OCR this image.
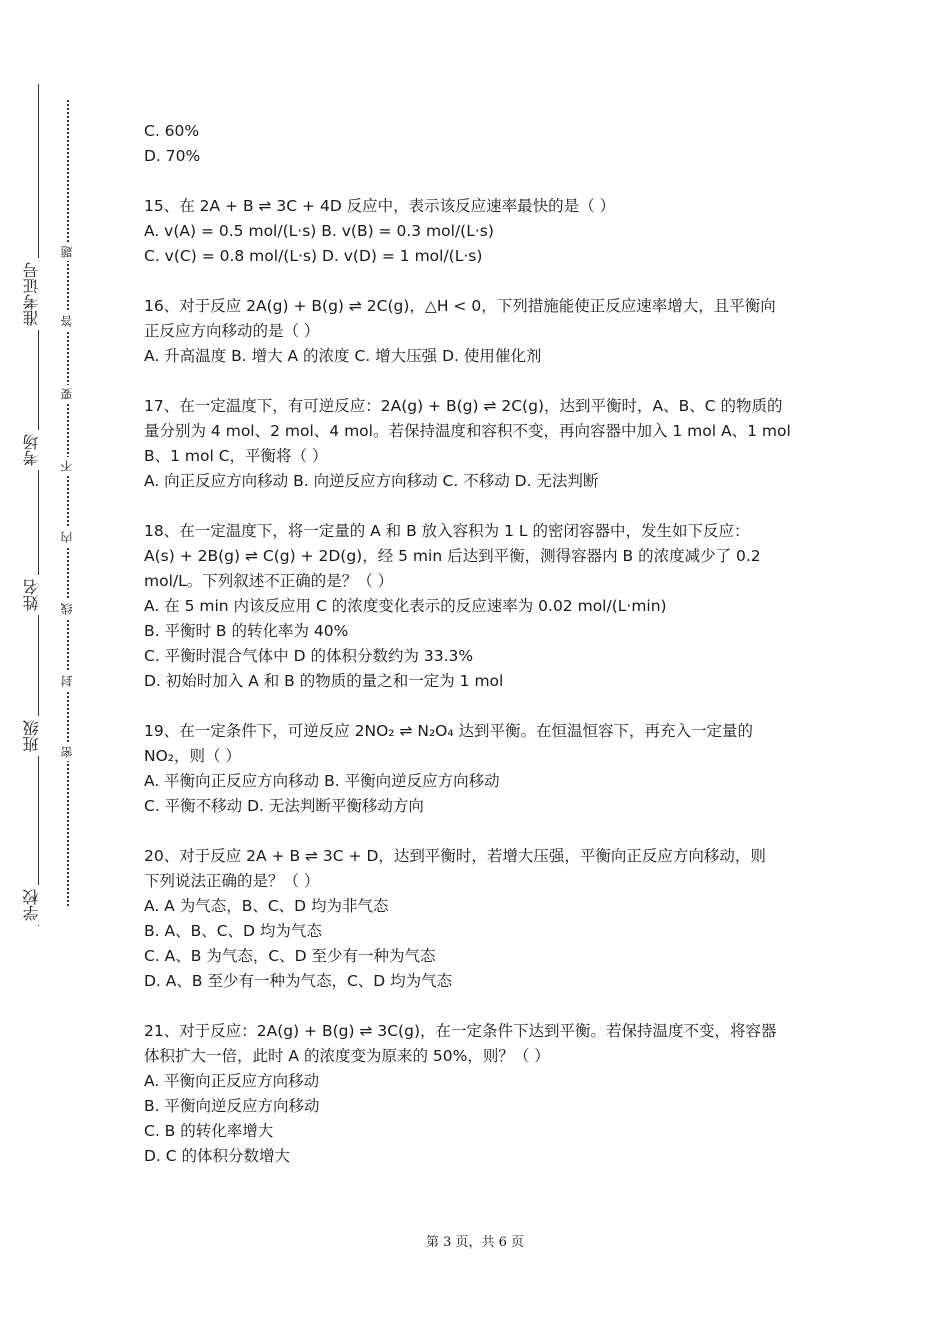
准考证号
考场
姓名
班级
学校
题
答
要
不
内
线
封
密
C. 60%
D. 70%
15、在 2A + B ⇌ 3C + 4D 反应中，表示该反应速率最快的是（ ）
A. v(A) = 0.5 mol/(L·s) B. v(B) = 0.3 mol/(L·s)
C. v(C) = 0.8 mol/(L·s) D. v(D) = 1 mol/(L·s)
16、对于反应 2A(g) + B(g) ⇌ 2C(g)，△H < 0，下列措施能使正反应速率增大，且平衡向
正反应方向移动的是（ ）
A. 升高温度 B. 增大 A 的浓度 C. 增大压强 D. 使用催化剂
17、在一定温度下，有可逆反应：2A(g) + B(g) ⇌ 2C(g)，达到平衡时，A、B、C 的物质的
量分别为 4 mol、2 mol、4 mol。若保持温度和容积不变，再向容器中加入 1 mol A、1 mol
B、1 mol C，平衡将（ ）
A. 向正反应方向移动 B. 向逆反应方向移动 C. 不移动 D. 无法判断
18、在一定温度下，将一定量的 A 和 B 放入容积为 1 L 的密闭容器中，发生如下反应：
A(s) + 2B(g) ⇌ C(g) + 2D(g)，经 5 min 后达到平衡，测得容器内 B 的浓度减少了 0.2
mol/L。下列叙述不正确的是？（ ）
A. 在 5 min 内该反应用 C 的浓度变化表示的反应速率为 0.02 mol/(L·min)
B. 平衡时 B 的转化率为 40%
C. 平衡时混合气体中 D 的体积分数约为 33.3%
D. 初始时加入 A 和 B 的物质的量之和一定为 1 mol
19、在一定条件下，可逆反应 2NO₂ ⇌ N₂O₄ 达到平衡。在恒温恒容下，再充入一定量的
NO₂，则（ ）
A. 平衡向正反应方向移动 B. 平衡向逆反应方向移动
C. 平衡不移动 D. 无法判断平衡移动方向
20、对于反应 2A + B ⇌ 3C + D，达到平衡时，若增大压强，平衡向正反应方向移动，则
下列说法正确的是？（ ）
A. A 为气态，B、C、D 均为非气态
B. A、B、C、D 均为气态
C. A、B 为气态，C、D 至少有一种为气态
D. A、B 至少有一种为气态，C、D 均为气态
21、对于反应：2A(g) + B(g) ⇌ 3C(g)，在一定条件下达到平衡。若保持温度不变，将容器
体积扩大一倍，此时 A 的浓度变为原来的 50%，则？（ ）
A. 平衡向正反应方向移动
B. 平衡向逆反应方向移动
C. B 的转化率增大
D. C 的体积分数增大
第 3 页，共 6 页
